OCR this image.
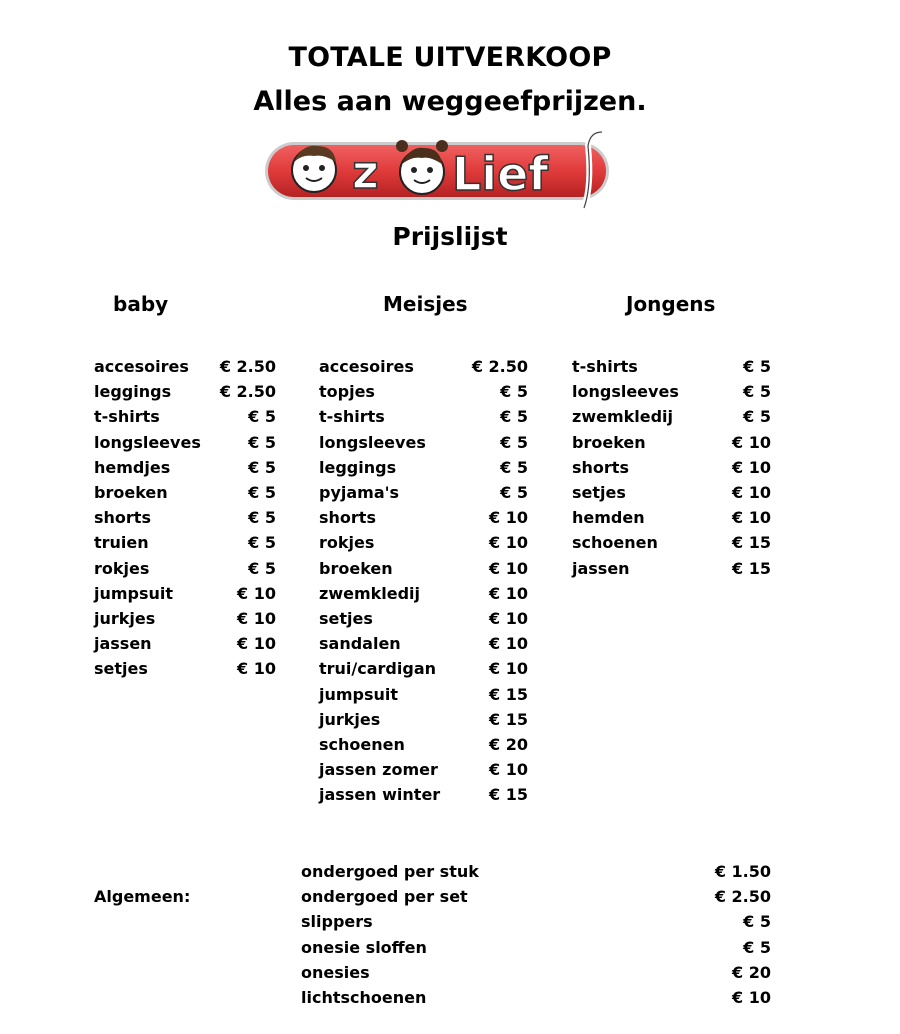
TOTALE UITVERKOOP
Alles aan weggeefprijzen.
z Lief
Prijslijst
baby
accesoires € 2.50
leggings	€ 2.50
t-shirts	€ 5
longsleeves	€ 5
hemdjes	€ 5
broeken	€ 5
shorts	€ 5
truien	€ 5
rokjes	€ 5
jumpsuit	€ 10
jurkjes	€ 10
jassen	€ 10
setjes	€ 10
Meisjes
accesoires	€ 2.50
topjes	€ 5
t-shirts	€ 5
longsleeves	€ 5
leggings	€ 5
pyjama's	€ 5
shorts	€ 10
rokjes	€ 10
broeken	€ 10
zwemkledij	€ 10
setjes	€ 10
sandalen	€ 10
trui/cardigan	€ 10
jumpsuit	€ 15
jurkjes	€ 15
schoenen	€ 20
jassen zomer	€ 10
jassen winter	€ 15
Jongens
t-shirts	€ 5
longsleeves	€ 5
zwemkledij	€ 5
broeken	€ 10
shorts	€ 10
setjes	€ 10
hemden	€ 10
schoenen	€ 15
jassen	€ 15
Algemeen:
ondergoed per stuk	€ 1.50
ondergoed per set	€ 2.50
slippers	€ 5
onesie sloffen	€ 5
onesies	€ 20
lichtschoenen	€ 10
